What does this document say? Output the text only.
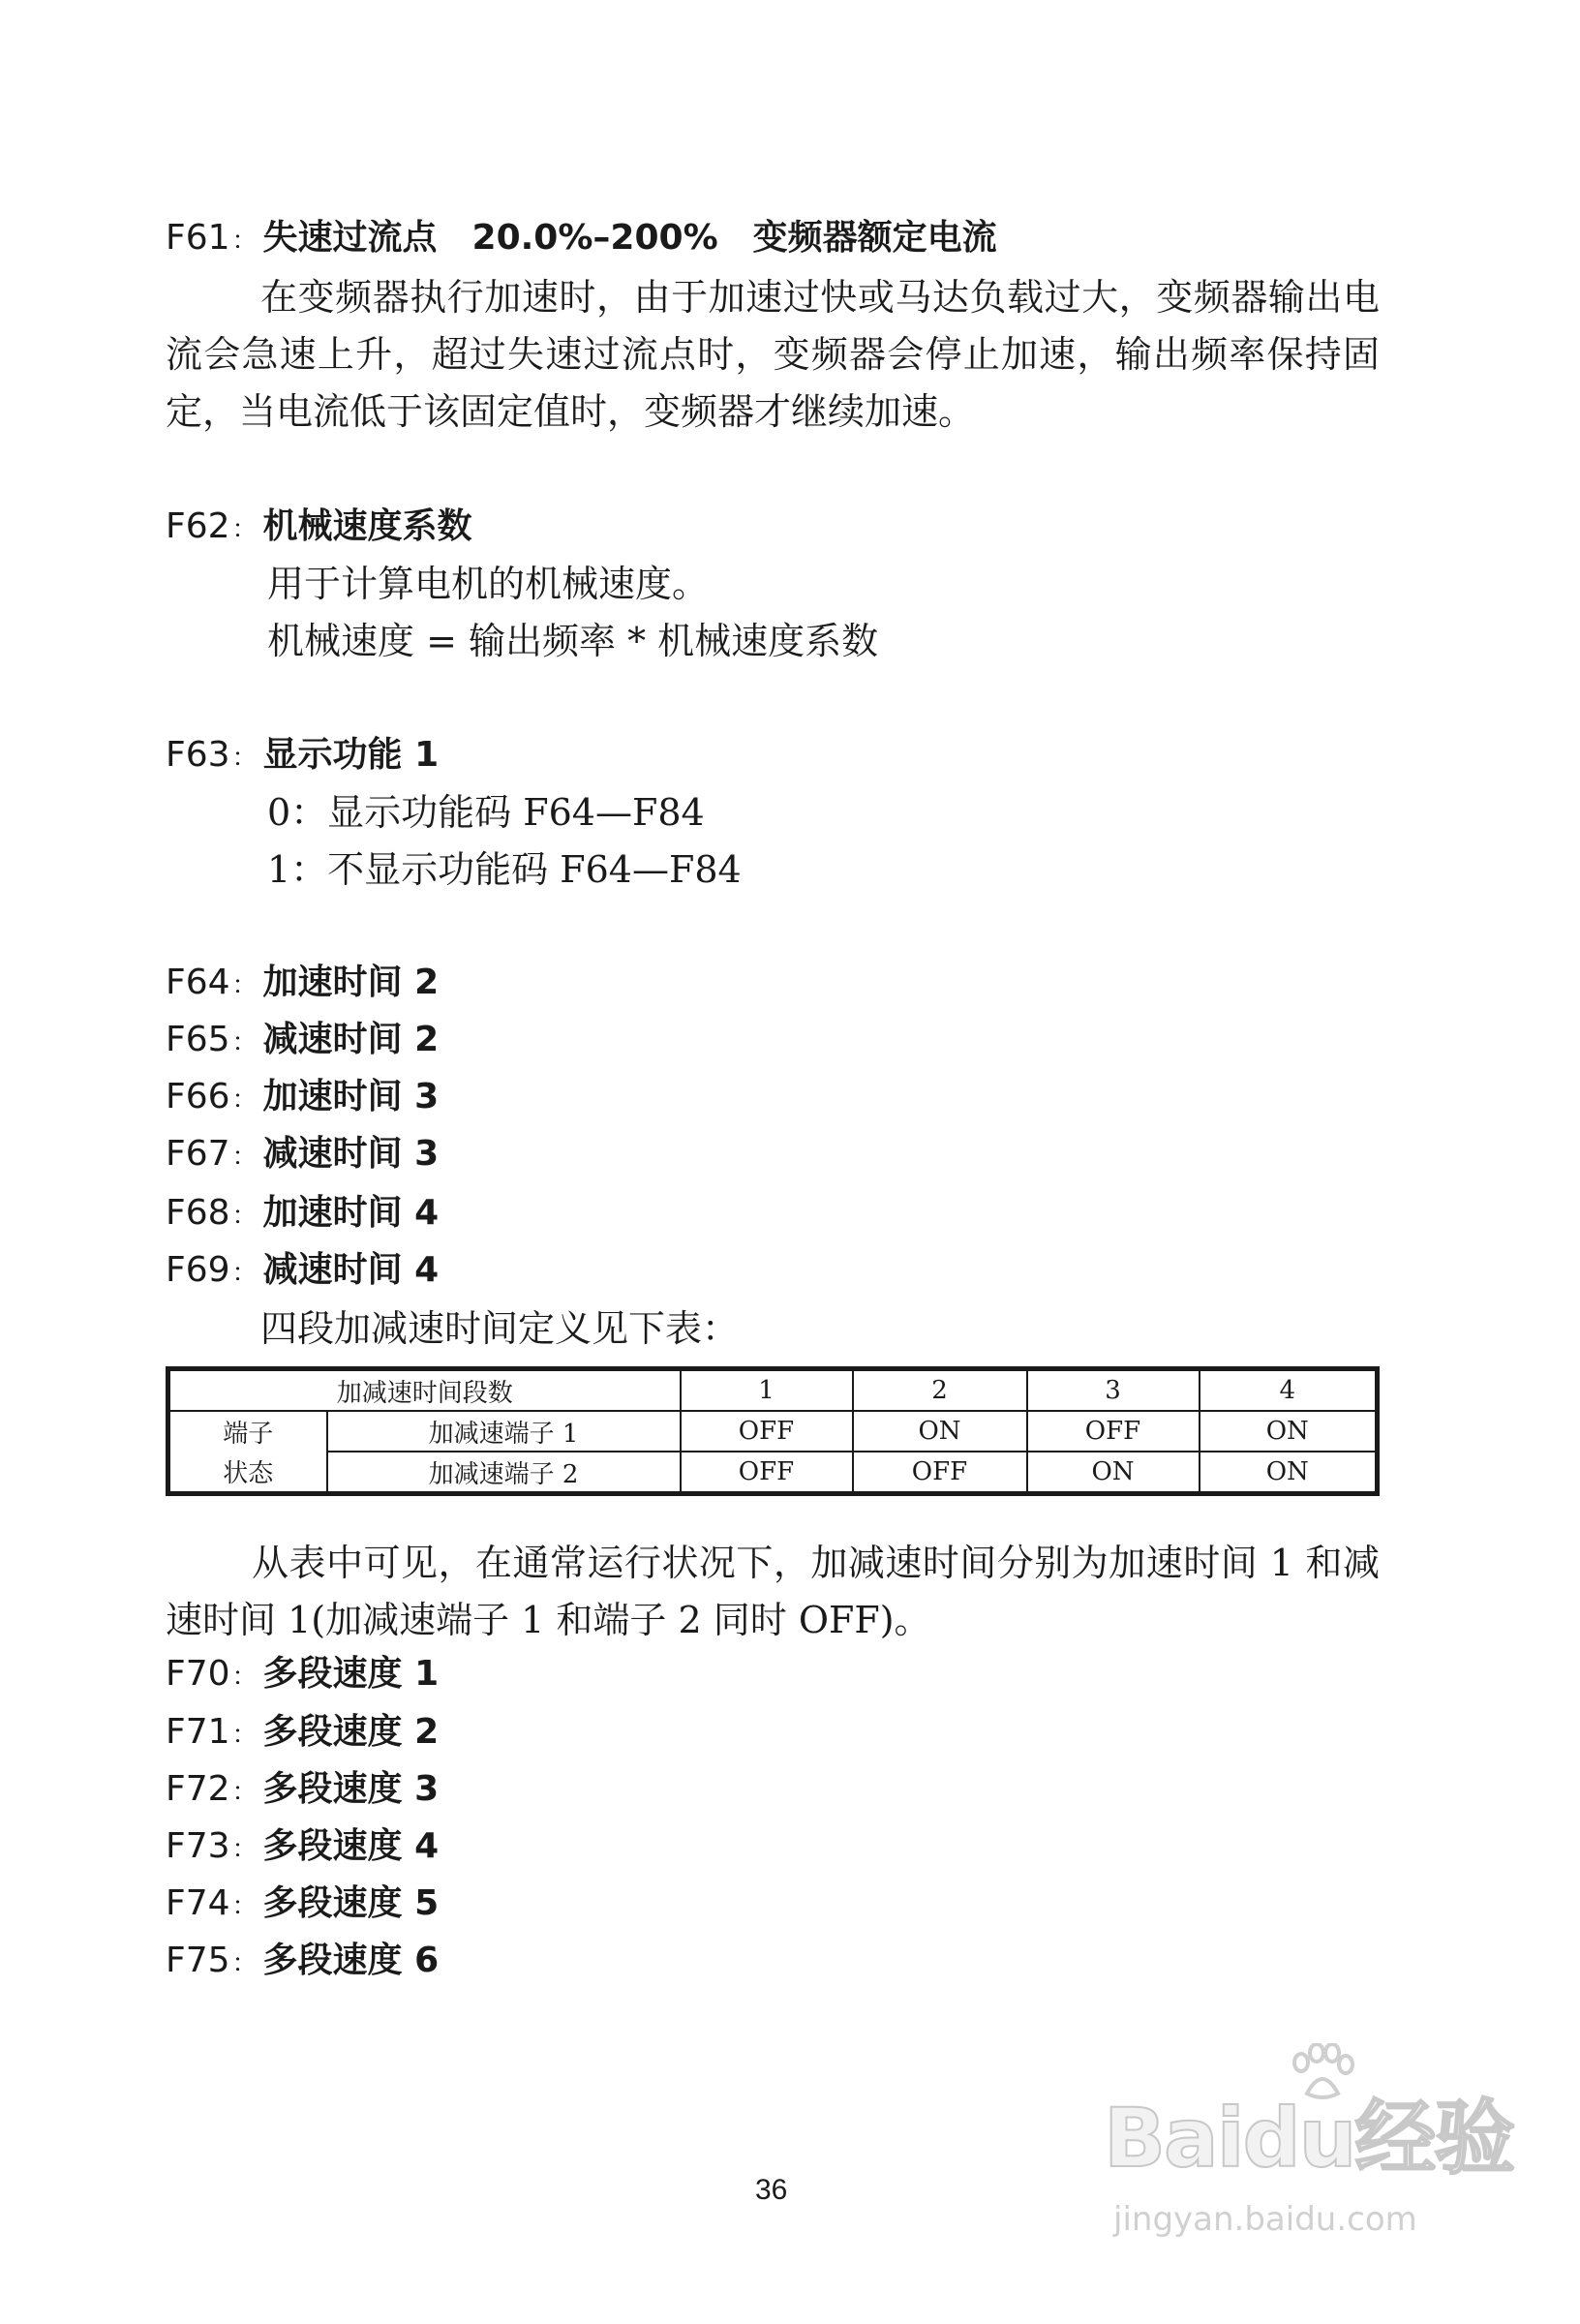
F61： 失速过流点　20.0%–200%　变频器额定电流
在变频器执行加速时，由于加速过快或马达负载过大，变频器输出电
流会急速上升，超过失速过流点时，变频器会停止加速，输出频率保持固
定，当电流低于该固定值时，变频器才继续加速。
F62： 机械速度系数
用于计算电机的机械速度。
机械速度 = 输出频率 * 机械速度系数
F63： 显示功能 1
0：显示功能码 F64—F84
1：不显示功能码 F64—F84
F64： 加速时间 2
F65： 减速时间 2
F66： 加速时间 3
F67： 减速时间 3
F68： 加速时间 4
F69： 减速时间 4
四段加减速时间定义见下表：
加减速时间段数		1	2	3	4
端子	加减速端子 1	OFF	ON	OFF	ON
状态	加减速端子 2	OFF	OFF	ON	ON
从表中可见，在通常运行状况下，加减速时间分别为加速时间 1 和减
速时间 1(加减速端子 1 和端子 2 同时 OFF)。
F70： 多段速度 1
F71： 多段速度 2
F72： 多段速度 3
F73： 多段速度 4
F74： 多段速度 5
F75： 多段速度 6
Baidu经验
jingyan.baidu.com
36
